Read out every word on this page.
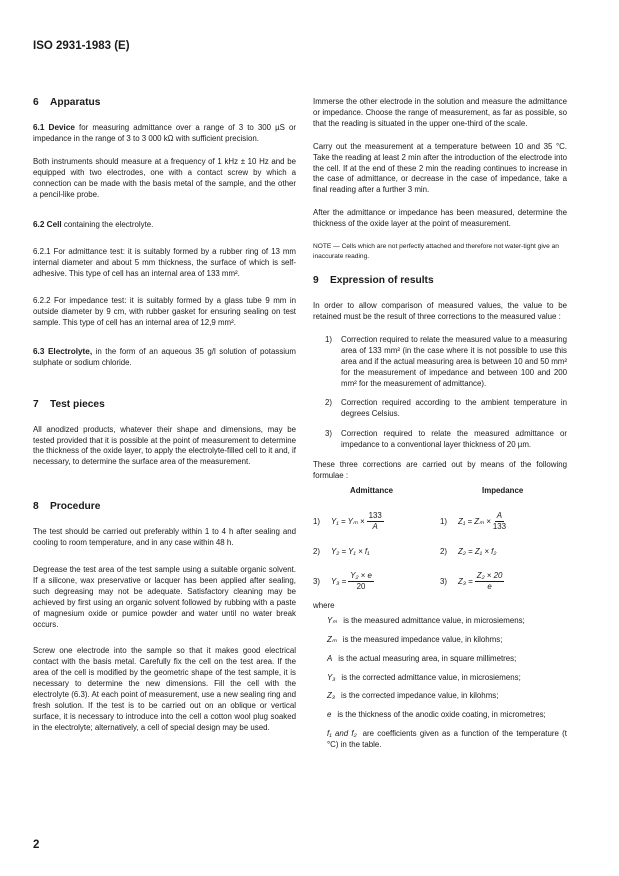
ISO 2931-1983 (E)
6 Apparatus
6.1 Device for measuring admittance over a range of 3 to 300 µS or impedance in the range of 3 to 3 000 kΩ with sufficient precision.
Both instruments should measure at a frequency of 1 kHz ± 10 Hz and be equipped with two electrodes, one with a contact screw by which a connection can be made with the basis metal of the sample, and the other a pencil-like probe.
6.2 Cell containing the electrolyte.
6.2.1 For admittance test: it is suitably formed by a rubber ring of 13 mm internal diameter and about 5 mm thickness, the surface of which is self-adhesive. This type of cell has an internal area of 133 mm².
6.2.2 For impedance test: it is suitably formed by a glass tube 9 mm in outside diameter by 9 cm, with rubber gasket for ensuring sealing on test sample. This type of cell has an internal area of 12,9 mm².
6.3 Electrolyte, in the form of an aqueous 35 g/l solution of potassium sulphate or sodium chloride.
7 Test pieces
All anodized products, whatever their shape and dimensions, may be tested provided that it is possible at the point of measurement to determine the thickness of the oxide layer, to apply the electrolyte-filled cell to it and, if necessary, to determine the surface area of the measurement.
8 Procedure
The test should be carried out preferably within 1 to 4 h after sealing and cooling to room temperature, and in any case within 48 h.
Degrease the test area of the test sample using a suitable organic solvent. If a silicone, wax preservative or lacquer has been applied after sealing, such degreasing may not be adequate. Satisfactory cleaning may be achieved by first using an organic solvent followed by rubbing with a paste of magnesium oxide or pumice powder and water until no water break occurs.
Screw one electrode into the sample so that it makes good electrical contact with the basis metal. Carefully fix the cell on the test area. If the area of the cell is modified by the geometric shape of the test sample, it is necessary to determine the new dimensions. Fill the cell with the electrolyte (6.3). At each point of measurement, use a new sealing ring and fresh solution. If the test is to be carried out on an oblique or vertical surface, it is necessary to introduce into the cell a cotton wool plug soaked in the electrolyte; alternatively, a cell of special design may be used.
Immerse the other electrode in the solution and measure the admittance or impedance. Choose the range of measurement, as far as possible, so that the reading is situated in the upper one-third of the scale.
Carry out the measurement at a temperature between 10 and 35 °C. Take the reading at least 2 min after the introduction of the electrode into the cell. If at the end of these 2 min the reading continues to increase in the case of admittance, or decrease in the case of impedance, take a final reading after a further 3 min.
After the admittance or impedance has been measured, determine the thickness of the oxide layer at the point of measurement.
NOTE — Cells which are not perfectly attached and therefore not water-tight give an inaccurate reading.
9 Expression of results
In order to allow comparison of measured values, the value to be retained must be the result of three corrections to the measured value :
1)	Correction required to relate the measured value to a measuring area of 133 mm² (in the case where it is not possible to use this area and if the actual measuring area is between 10 and 50 mm² for the measurement of impedance and between 100 and 200 mm² for the measurement of admittance).
2)	Correction required according to the ambient temperature in degrees Celsius.
3)	Correction required to relate the measured admittance or impedance to a conventional layer thickness of 20 µm.
These three corrections are carried out by means of the following formulae :
Admittance	Impedance
1)	$Y_1 = Y_m \times \frac{133}{A}$	1)	$Z_1 = Z_m \times \frac{A}{133}$
2)	Y₂ = Y₁ × f₁	2)	Z₂ = Z₁ × f₂
3)	$Y_3 = \frac{\text{Y₂ × e}}{20}$	3)	$Z_3 = \frac{\text{Z₂ × 20}}{e}$
where
Yₘ is the measured admittance value, in microsiemens;
Zₘ is the measured impedance value, in kilohms;
A is the actual measuring area, in square millimetres;
Y₃ is the corrected admittance value, in microsiemens;
Z₃ is the corrected impedance value, in kilohms;
e is the thickness of the anodic oxide coating, in micrometres;
f₁ and f₂ are coefficients given as a function of the temperature (t °C) in the table.
2
